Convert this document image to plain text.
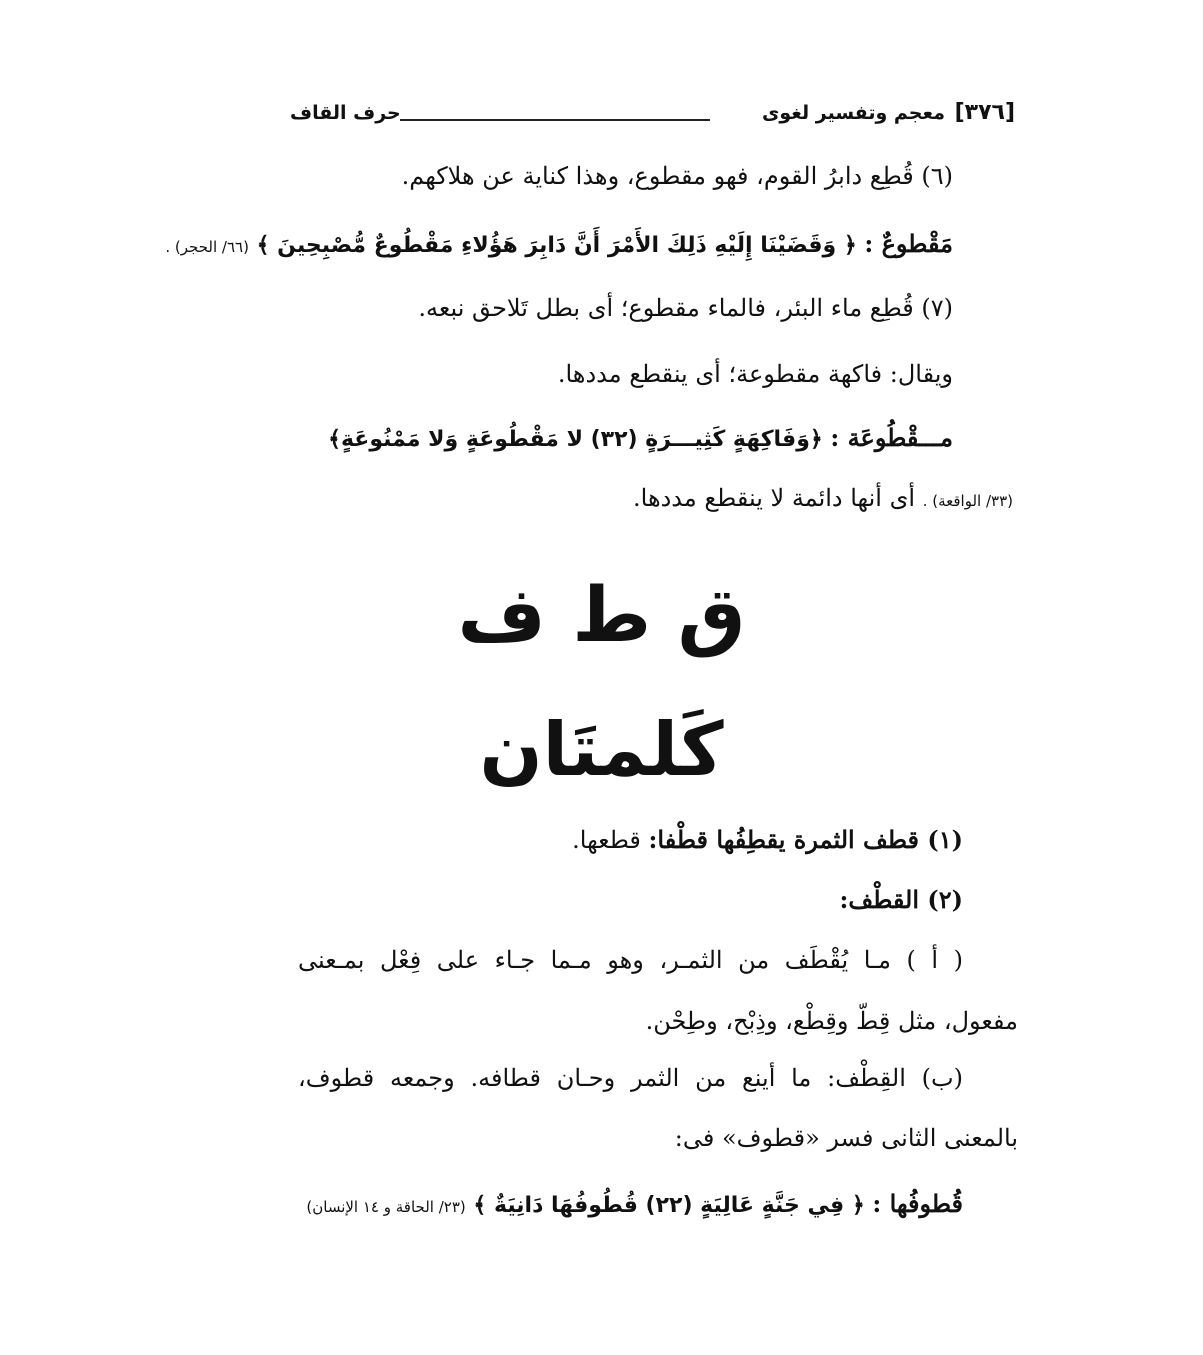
[٣٧٦]
معجم وتفسير لغوى
حرف القاف
(٦) قُطِع دابرُ القوم، فهو مقطوع، وهذا كناية عن هلاكهم.
مَقْطوعٌ : ﴿ وَقَضَيْنَا إِلَيْهِ ذَلِكَ الأَمْرَ أَنَّ دَابِرَ هَؤُلاءِ مَقْطُوعٌ مُّصْبِحِينَ ﴾ (٦٦/ الحجر) .
(٧) قُطِع ماء البئر، فالماء مقطوع؛ أى بطل تَلاحق نبعه.
ويقال: فاكهة مقطوعة؛ أى ينقطع مددها.
مـــقْطُوعَة : ﴿وَفَاكِهَةٍ كَثِيـــرَةٍ (٣٢) لا مَقْطُوعَةٍ وَلا مَمْنُوعَةٍ﴾
(٣٣/ الواقعة) . أى أنها دائمة لا ينقطع مددها.
ق ط ف
كَلمتَان
(١) قطف الثمرة يقطِفُها قطْفا: قطعها.
(٢) القطْف:
( أ ) مـا يُقْطَف من الثمـر، وهو مـما جـاء على فِعْل بمـعنى
مفعول، مثل قِطّ وقِطْع، وذِبْح، وطِحْن.
(ب) القِطْف: ما أينع من الثمر وحـان قطافه. وجمعه قطوف،
بالمعنى الثانى فسر «قطوف» فى:
قُطوفُها : ﴿ فِي جَنَّةٍ عَالِيَةٍ (٢٢) قُطُوفُهَا دَانِيَةٌ ﴾ (٢٣/ الحاقة و ١٤ الإنسان)
